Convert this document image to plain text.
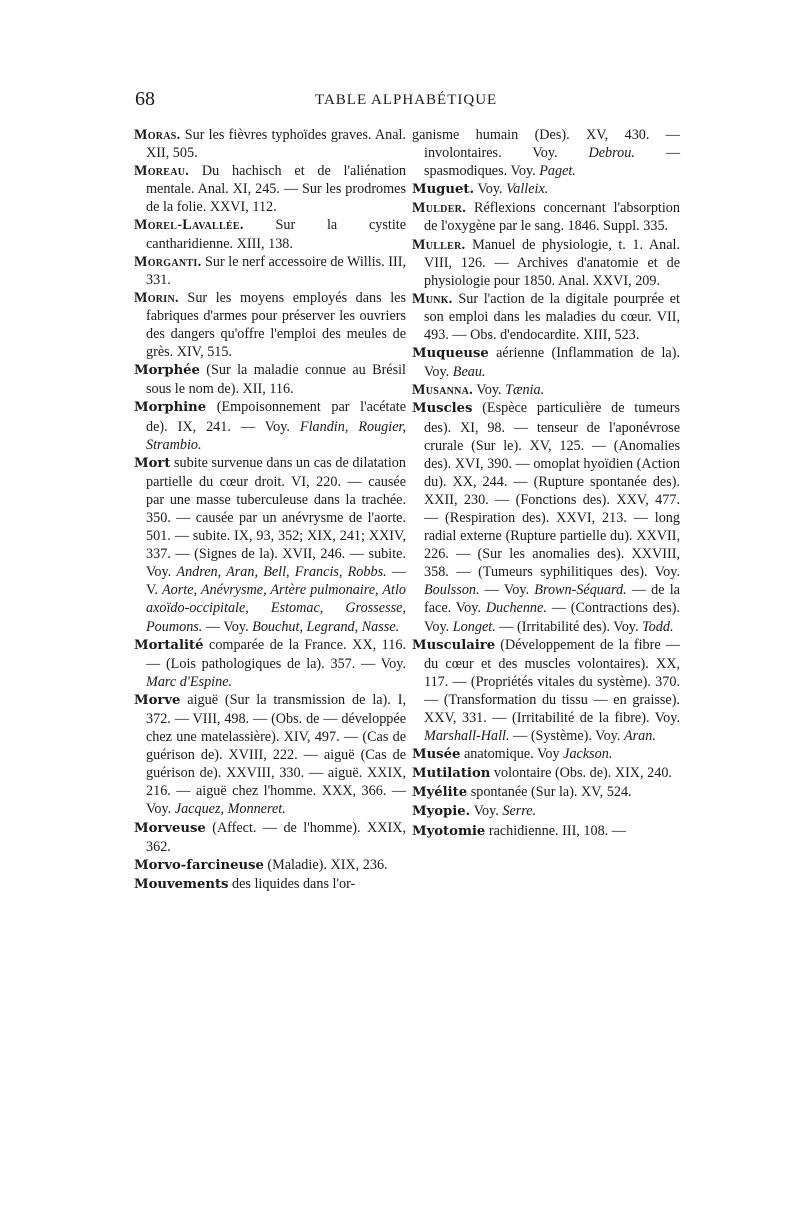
68	TABLE ALPHABÉTIQUE

Moras. Sur les fièvres typhoïdes graves. Anal. XII, 505.

Moreau. Du hachisch et de l'aliénation mentale. Anal. XI, 245. — Sur les prodromes de la folie. XXVI, 112.

Morel-Lavallée. Sur la cystite cantharidienne. XIII, 138.

Morganti. Sur le nerf accessoire de Willis. III, 331.

Morin. Sur les moyens employés dans les fabriques d'armes pour préserver les ouvriers des dangers qu'offre l'emploi des meules de grès. XIV, 515.

Morphée (Sur la maladie connue au Brésil sous le nom de). XII, 116.

Morphine (Empoisonnement par l'acétate de). IX, 241. — Voy. Flandin, Rougier, Strambio.

Mort subite survenue dans un cas de dilatation partielle du cœur droit. VI, 220. — causée par une masse tuberculeuse dans la trachée. 350. — causée par un anévrysme de l'aorte. 501. — subite. IX, 93, 352; XIX, 241; XXIV, 337. — (Signes de la). XVII, 246. — subite. Voy. Andren, Aran, Bell, Francis, Robbs. — V. Aorte, Anévrysme, Artère pulmonaire, Atlo axoïdo-occipitale, Estomac, Grossesse, Poumons. — Voy. Bouchut, Legrand, Nasse.

Mortalité comparée de la France. XX, 116. — (Lois pathologiques de la). 357. — Voy. Marc d'Espine.

Morve aiguë (Sur la transmission de la). I, 372. — VIII, 498. — (Obs. de — développée chez une matelassière). XIV, 497. — (Cas de guérison de). XVIII, 222. — aiguë (Cas de guérison de). XXVIII, 330. — aiguë. XXIX, 216. — aiguë chez l'homme. XXX, 366. — Voy. Jacquez, Monneret.

Morveuse (Affect. — de l'homme). XXIX, 362.

Morvo-farcineuse (Maladie). XIX, 236.

Mouvements des liquides dans l'or-

ganisme humain (Des). XV, 430. — involontaires. Voy. Debrou. — spasmodiques. Voy. Paget.

Muguet. Voy. Valleix.

Mulder. Réflexions concernant l'absorption de l'oxygène par le sang. 1846. Suppl. 335.

Muller. Manuel de physiologie, t. 1. Anal. VIII, 126. — Archives d'anatomie et de physiologie pour 1850. Anal. XXVI, 209.

Munk. Sur l'action de la digitale pourprée et son emploi dans les maladies du cœur. VII, 493. — Obs. d'endocardite. XIII, 523.

Muqueuse aérienne (Inflammation de la). Voy. Beau.

Musanna. Voy. Tænia.

Muscles (Espèce particulière de tumeurs des). XI, 98. — tenseur de l'aponévrose crurale (Sur le). XV, 125. — (Anomalies des). XVI, 390. — omoplat hyoïdien (Action du). XX, 244. — (Rupture spontanée des). XXII, 230. — (Fonctions des). XXV, 477. — (Respiration des). XXVI, 213. — long radial externe (Rupture partielle du). XXVII, 226. — (Sur les anomalies des). XXVIII, 358. — (Tumeurs syphilitiques des). Voy. Boulsson. — Voy. Brown-Séquard. — de la face. Voy. Duchenne. — (Contractions des). Voy. Longet. — (Irritabilité des). Voy. Todd.

Musculaire (Développement de la fibre — du cœur et des muscles volontaires). XX, 117. — (Propriétés vitales du système). 370. — (Transformation du tissu — en graisse). XXV, 331. — (Irritabilité de la fibre). Voy. Marshall-Hall. — (Système). Voy. Aran.

Musée anatomique. Voy Jackson.

Mutilation volontaire (Obs. de). XIX, 240.

Myélite spontanée (Sur la). XV, 524.

Myopie. Voy. Serre.

Myotomie rachidienne. III, 108. —
